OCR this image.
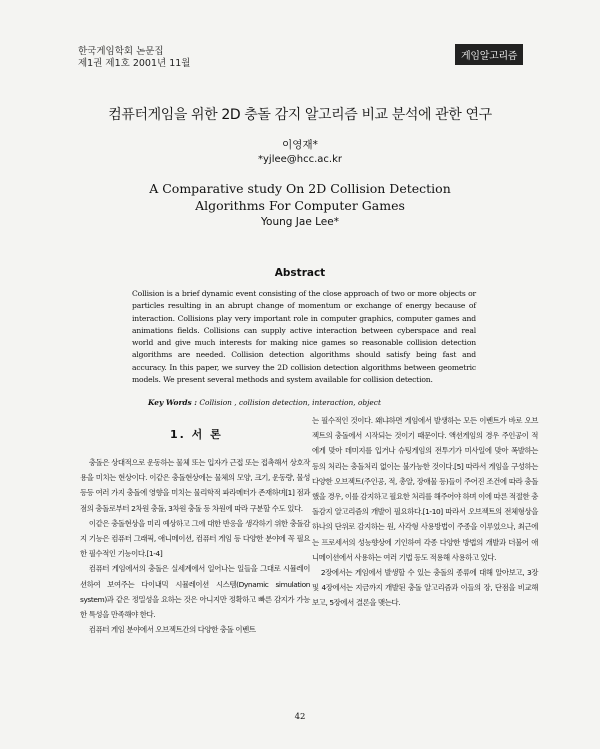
한국게임학회 논문집
제1권 제1호 2001년 11월
게임알고리즘
컴퓨터게임을 위한 2D 충돌 감지 알고리즘 비교 분석에 관한 연구
이영재*
*yjlee@hcc.ac.kr
A Comparative study On 2D Collision Detection
Algorithms For Computer Games
Young Jae Lee*
Abstract
Collision is a brief dynamic event consisting of the close approach of two or more objects or particles resulting in an abrupt change of momentum or exchange of energy because of interaction. Collisions play very important role in computer graphics, computer games and animations fields. Collisions can supply active interaction between cyberspace and real world and give much interests for making nice games so reasonable collision detection algorithms are needed. Collision detection algorithms should satisfy being fast and accuracy. In this paper, we survey the 2D collision detection algorithms between geometric models. We present several methods and system available for collision detection.
Key Words : Collision , collision detection, interaction, object
1. 서 론

충돌은 상대적으로 운동하는 물체 또는 입자가 근접 또는 접촉해서 상호작용을 미치는 현상이다. 이같은 충돌현상에는 물체의 모양, 크기, 운동량, 물성 등등 여러 가지 충돌에 영향을 미치는 물리학적 파라메터가 존재하며[1] 점과 점의 충돌로부터 2차원 충돌, 3차원 충돌 등 차원에 따라 구분할 수도 있다.

이같은 충돌현상을 미리 예상하고 그에 대한 반응을 생각하기 위한 충돌감지 기능은 컴퓨터 그래픽, 애니메이션, 컴퓨터 게임 등 다양한 분야에 꼭 필요한 필수적인 기능이다.[1-4]

컴퓨터 게임에서의 충돌은 실세계에서 일어나는 일들을 그대로 시뮬레이션하여 보여주는 다이내믹 시뮬레이션 시스템(Dynamic simulation system)과 같은 정밀성을 요하는 것은 아니지만 정확하고 빠른 감지가 가능한 특성을 만족해야 한다.

컴퓨터 게임 분야에서 오브젝트간의 다양한 충돌 이벤트

는 필수적인 것이다. 왜냐하면 게임에서 발생하는 모든 이벤트가 바로 오브젝트의 충돌에서 시작되는 것이기 때문이다. 액션게임의 경우 주인공이 적에게 맞아 데미지를 입거나 슈팅게임의 전투기가 미사일에 맞아 폭발하는 등의 처리는 충돌처리 없이는 불가능한 것이다.[5] 따라서 게임을 구성하는 다양한 오브젝트(주인공, 적, 총알, 장애물 등)들이 주어진 조건에 따라 충돌했을 경우, 이를 감지하고 필요한 처리를 해주어야 하며 이에 따른 적절한 충돌감지 알고리즘의 개발이 필요하다.[1-10] 따라서 오브젝트의 전체형상을 하나의 단위로 감지하는 원, 사각형 사용방법이 주종을 이루었으나, 최근에는 프로세서의 성능향상에 기인하여 각종 다양한 방법의 개발과 더불어 애니메이션에서 사용하는 여러 기법 등도 적용해 사용하고 있다.

2장에서는 게임에서 발생할 수 있는 충돌의 종류에 대해 알아보고, 3장 및 4장에서는 지금까지 개발된 충돌 알고리즘과 이들의 장, 단점을 비교해 보고, 5장에서 결론을 맺는다.

42
